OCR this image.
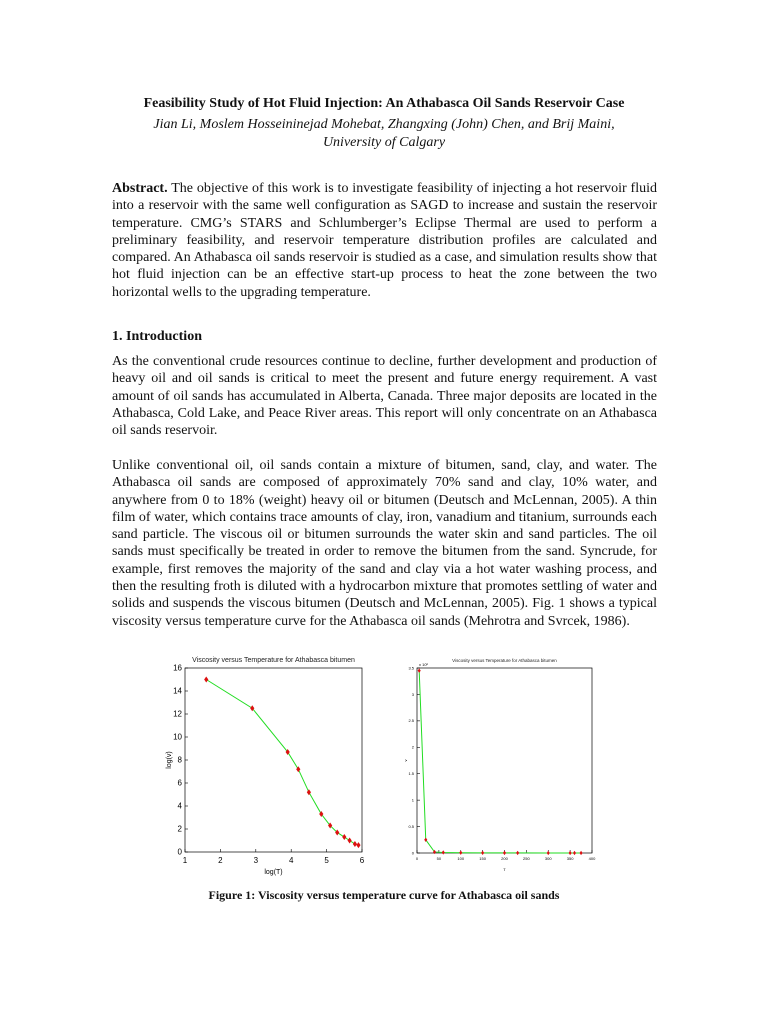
Feasibility Study of Hot Fluid Injection: An Athabasca Oil Sands Reservoir Case
Jian Li, Moslem Hosseininejad Mohebat, Zhangxing (John) Chen, and Brij Maini,
University of Calgary

Abstract. The objective of this work is to investigate feasibility of injecting a hot reservoir fluid into a reservoir with the same well configuration as SAGD to increase and sustain the reservoir temperature. CMG’s STARS and Schlumberger’s Eclipse Thermal are used to perform a preliminary feasibility, and reservoir temperature distribution profiles are calculated and compared. An Athabasca oil sands reservoir is studied as a case, and simulation results show that hot fluid injection can be an effective start-up process to heat the zone between the two horizontal wells to the upgrading temperature.

1. Introduction

As the conventional crude resources continue to decline, further development and production of heavy oil and oil sands is critical to meet the present and future energy requirement. A vast amount of oil sands has accumulated in Alberta, Canada. Three major deposits are located in the Athabasca, Cold Lake, and Peace River areas. This report will only concentrate on an Athabasca oil sands reservoir.

Unlike conventional oil, oil sands contain a mixture of bitumen, sand, clay, and water. The Athabasca oil sands are composed of approximately 70% sand and clay, 10% water, and anywhere from 0 to 18% (weight) heavy oil or bitumen (Deutsch and McLennan, 2005). A thin film of water, which contains trace amounts of clay, iron, vanadium and titanium, surrounds each sand particle. The viscous oil or bitumen surrounds the water skin and sand particles. The oil sands must specifically be treated in order to remove the bitumen from the sand. Syncrude, for example, first removes the majority of the sand and clay via a hot water washing process, and then the resulting froth is diluted with a hydrocarbon mixture that promotes settling of water and solids and suspends the viscous bitumen (Deutsch and McLennan, 2005). Fig. 1 shows a typical viscosity versus temperature curve for the Athabasca oil sands (Mehrotra and Svrcek, 1986).

Viscosity versus Temperature for Athabasca bitumen
1	2	3	4	5	6
0
2
4
6
8
10
12
14
16
log(T)
log(v)
Viscosity versus Temperature for Athabasca bitumen
0	50	100	150	200	250	300	350	400
0
0.5
1
1.5
2
2.5
3
3.5
T
v
x 10⁶
Figure 1: Viscosity versus temperature curve for Athabasca oil sands
